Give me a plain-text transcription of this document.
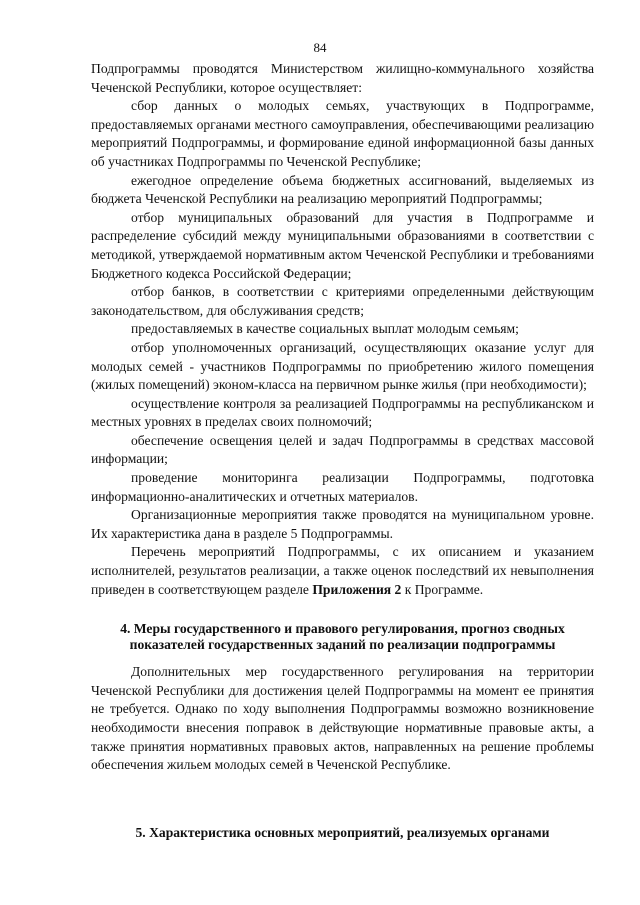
84

Подпрограммы проводятся Министерством жилищно-коммунального хозяйства Чеченской Республики, которое осуществляет:

сбор данных о молодых семьях, участвующих в Подпрограмме, предоставляемых органами местного самоуправления, обеспечивающими реализацию мероприятий Подпрограммы, и формирование единой информационной базы данных об участниках Подпрограммы по Чеченской Республике;

ежегодное определение объема бюджетных ассигнований, выделяемых из бюджета Чеченской Республики на реализацию мероприятий Подпрограммы;

отбор муниципальных образований для участия в Подпрограмме и распределение субсидий между муниципальными образованиями в соответствии с методикой, утверждаемой нормативным актом Чеченской Республики и требованиями Бюджетного кодекса Российской Федерации;

отбор банков, в соответствии с критериями определенными действующим законодательством, для обслуживания средств;

предоставляемых в качестве социальных выплат молодым семьям;

отбор уполномоченных организаций, осуществляющих оказание услуг для молодых семей - участников Подпрограммы по приобретению жилого помещения (жилых помещений) эконом-класса на первичном рынке жилья (при необходимости);

осуществление контроля за реализацией Подпрограммы на республиканском и местных уровнях в пределах своих полномочий;

обеспечение освещения целей и задач Подпрограммы в средствах массовой информации;

проведение мониторинга реализации Подпрограммы, подготовка информационно-аналитических и отчетных материалов.

Организационные мероприятия также проводятся на муниципальном уровне. Их характеристика дана в разделе 5 Подпрограммы.

Перечень мероприятий Подпрограммы, с их описанием и указанием исполнителей, результатов реализации, а также оценок последствий их невыполнения приведен в соответствующем разделе Приложения 2 к Программе.

4. Меры государственного и правового регулирования, прогноз сводных показателей государственных заданий по реализации подпрограммы

Дополнительных мер государственного регулирования на территории Чеченской Республики для достижения целей Подпрограммы на момент ее принятия не требуется. Однако по ходу выполнения Подпрограммы возможно возникновение необходимости внесения поправок в действующие нормативные правовые акты, а также принятия нормативных правовых актов, направленных на решение проблемы обеспечения жильем молодых семей в Чеченской Республике.

5. Характеристика основных мероприятий, реализуемых органами
